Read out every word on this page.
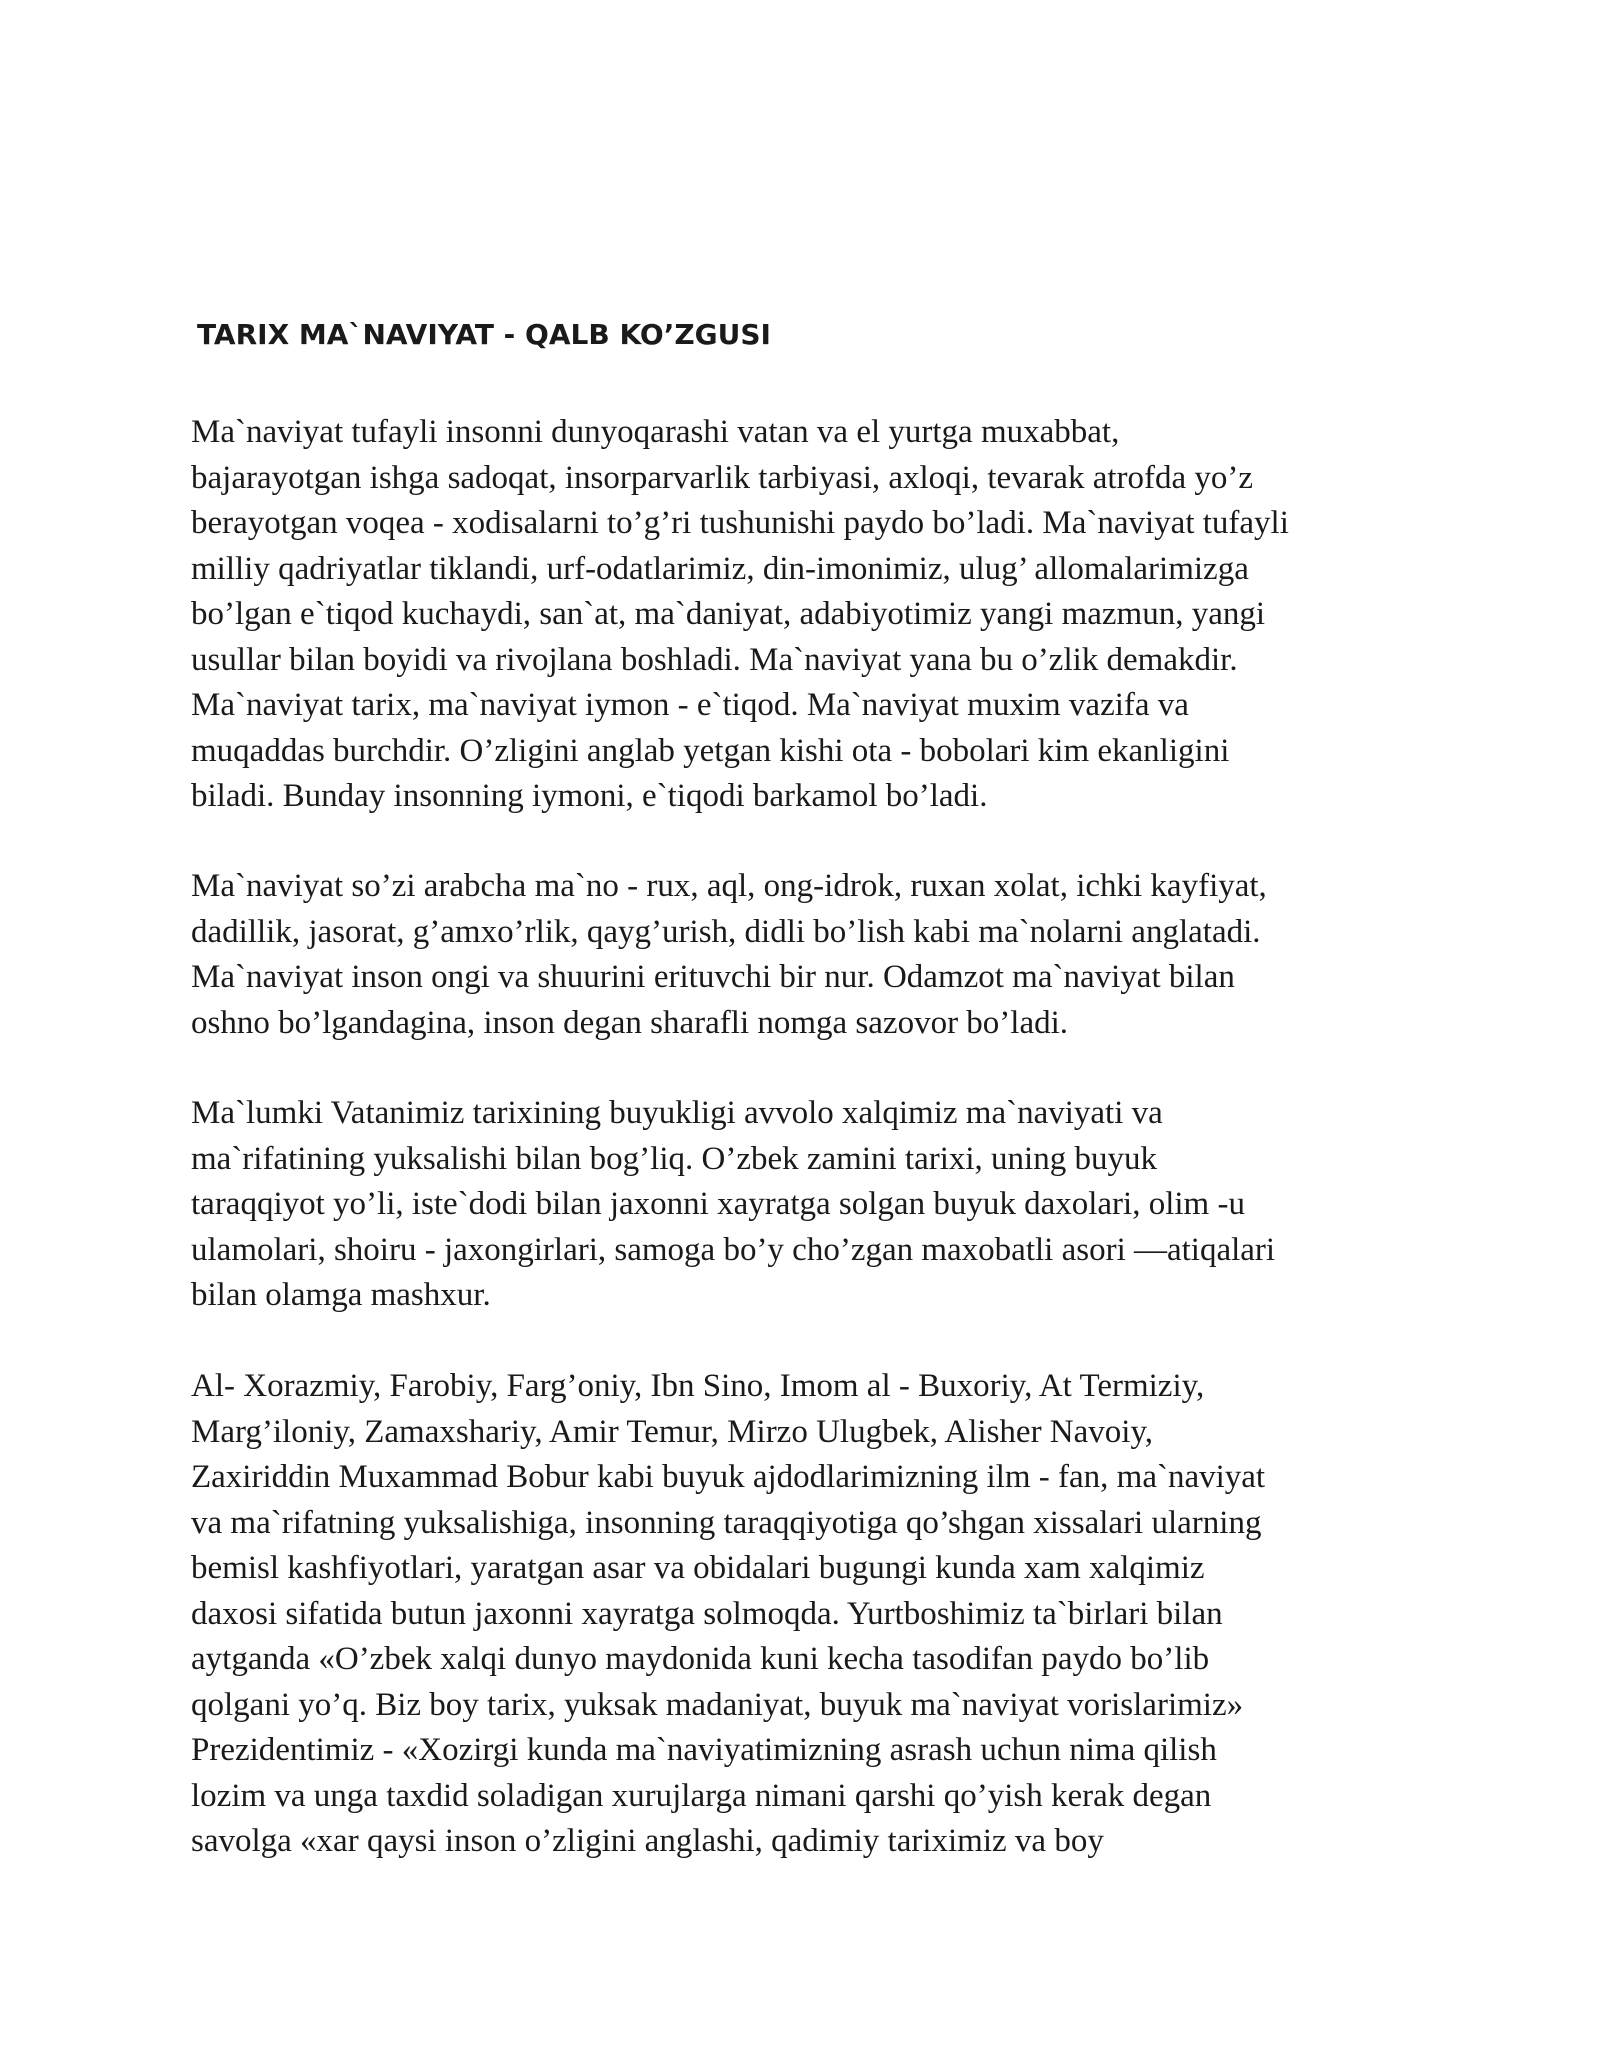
TARIX MA`NAVIYAT - QALB KO’ZGUSI
Ma`naviyat tufayli insonni dunyoqarashi vatan va el yurtga muxabbat,
bajarayotgan ishga sadoqat, insorparvarlik tarbiyasi, axloqi, tevarak atrofda yo’z
berayotgan voqea - xodisalarni to’g’ri tushunishi paydo bo’ladi. Ma`naviyat tufayli
milliy qadriyatlar tiklandi, urf-odatlarimiz, din-imonimiz, ulug’ allomalarimizga
bo’lgan e`tiqod kuchaydi, san`at, ma`daniyat, adabiyotimiz yangi mazmun, yangi
usullar bilan boyidi va rivojlana boshladi. Ma`naviyat yana bu o’zlik demakdir.
Ma`naviyat tarix, ma`naviyat iymon - e`tiqod. Ma`naviyat muxim vazifa va
muqaddas burchdir. O’zligini anglab yetgan kishi ota - bobolari kim ekanligini
biladi. Bunday insonning iymoni, e`tiqodi barkamol bo’ladi.
Ma`naviyat so’zi arabcha ma`no - rux, aql, ong-idrok, ruxan xolat, ichki kayfiyat,
dadillik, jasorat, g’amxo’rlik, qayg’urish, didli bo’lish kabi ma`nolarni anglatadi.
Ma`naviyat inson ongi va shuurini erituvchi bir nur. Odamzot ma`naviyat bilan
oshno bo’lgandagina, inson degan sharafli nomga sazovor bo’ladi.
Ma`lumki Vatanimiz tarixining buyukligi avvolo xalqimiz ma`naviyati va
ma`rifatining yuksalishi bilan bog’liq. O’zbek zamini tarixi, uning buyuk
taraqqiyot yo’li, iste`dodi bilan jaxonni xayratga solgan buyuk daxolari, olim -u
ulamolari, shoiru - jaxongirlari, samoga bo’y cho’zgan maxobatli asori —atiqalari
bilan olamga mashxur.
Al- Xorazmiy, Farobiy, Farg’oniy, Ibn Sino, Imom al - Buxoriy, At Termiziy,
Marg’iloniy, Zamaxshariy, Amir Temur, Mirzo Ulugbek, Alisher Navoiy,
Zaxiriddin Muxammad Bobur kabi buyuk ajdodlarimizning ilm - fan, ma`naviyat
va ma`rifatning yuksalishiga, insonning taraqqiyotiga qo’shgan xissalari ularning
bemisl kashfiyotlari, yaratgan asar va obidalari bugungi kunda xam xalqimiz
daxosi sifatida butun jaxonni xayratga solmoqda. Yurtboshimiz ta`birlari bilan
aytganda «O’zbek xalqi dunyo maydonida kuni kecha tasodifan paydo bo’lib
qolgani yo’q. Biz boy tarix, yuksak madaniyat, buyuk ma`naviyat vorislarimiz»
Prezidentimiz - «Xozirgi kunda ma`naviyatimizning asrash uchun nima qilish
lozim va unga taxdid soladigan xurujlarga nimani qarshi qo’yish kerak degan
savolga «xar qaysi inson o’zligini anglashi, qadimiy tariximiz va boy
